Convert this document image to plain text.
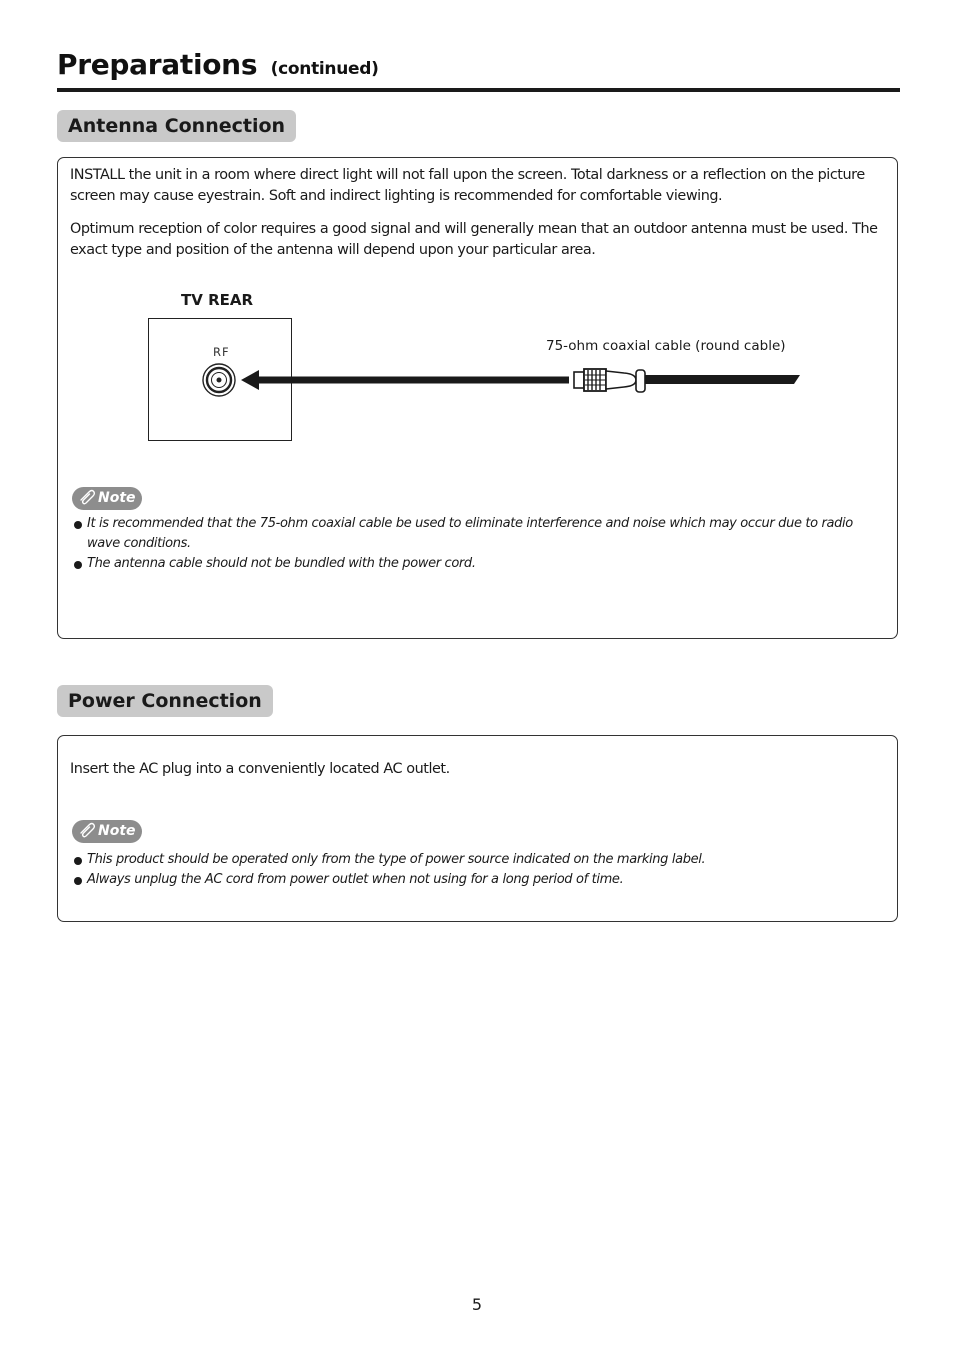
Preparations (continued)
Antenna Connection
INSTALL the unit in a room where direct light will not fall upon the screen. Total darkness or a reflection on the picture screen may cause eyestrain. Soft and indirect lighting is recommended for comfortable viewing.
Optimum reception of color requires a good signal and will generally mean that an outdoor antenna must be used. The exact type and position of the antenna will depend upon your particular area.
TV REAR
RF	75-ohm coaxial cable (round cable)
Note
It is recommended that the 75-ohm coaxial cable be used to eliminate interference and noise which may occur due to radio wave conditions.
The antenna cable should not be bundled with the power cord.
Power Connection
Insert the AC plug into a conveniently located AC outlet.
Note
This product should be operated only from the type of power source indicated on the marking label.
Always unplug the AC cord from power outlet when not using for a long period of time.
5
